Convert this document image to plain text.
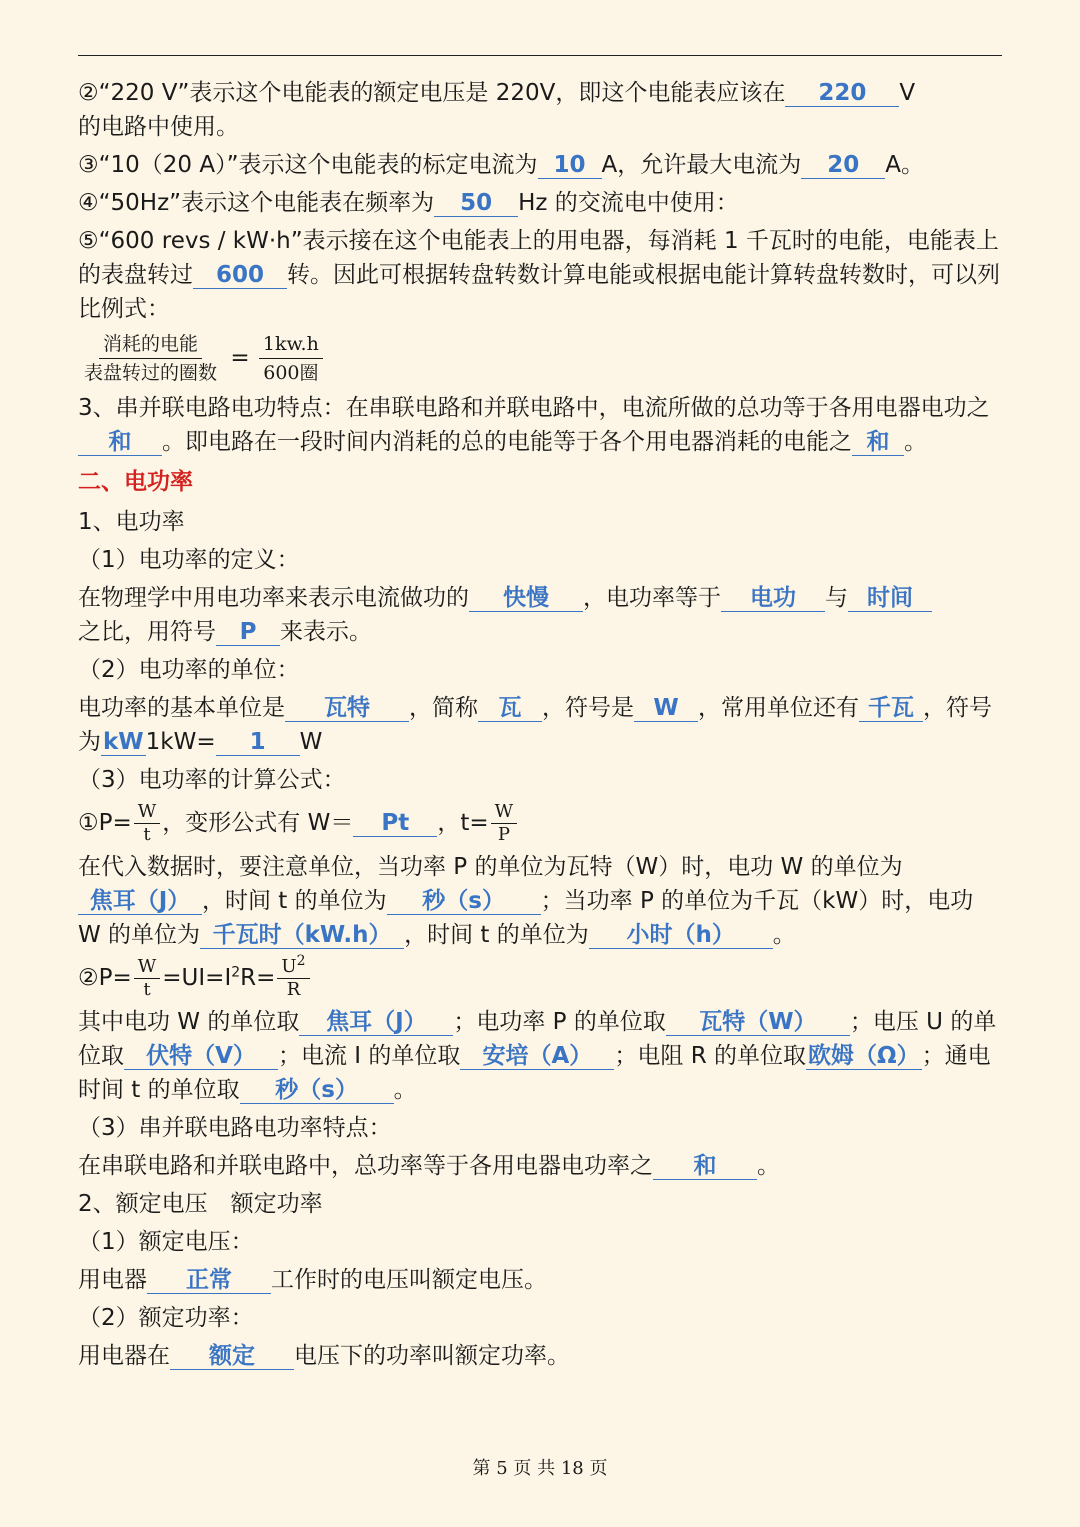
②“220 V”表示这个电能表的额定电压是 220V，即这个电能表应该在 220 V
的电路中使用。

③“10（20 A）”表示这个电能表的标定电流为 10 A，允许最大电流为 20 A。

④“50Hz”表示这个电能表在频率为 50 Hz 的交流电中使用：

⑤“600 revs / kW·h”表示接在这个电能表上的用电器，每消耗 1 千瓦时的电能，电能表上的表盘转过 600 转。因此可根据转盘转数计算电能或根据电能计算转盘转数时，可以列比例式：

$\frac{\text{消耗的电能}}{\text{表盘转过的圈数}} = \frac{1kw.h}{\text{600圈}}$

3、串并联电路电功特点：在串联电路和并联电路中，电流所做的总功等于各用电器电功之和 。即电路在一段时间内消耗的总的电能等于各个用电器消耗的电能之 和 。

二、电功率

1、电功率

（1）电功率的定义：

在物理学中用电功率来表示电流做功的 快慢 ，电功率等于 电功 与 时间
之比，用符号 P 来表示。

（2）电功率的单位：

电功率的基本单位是 瓦特 ，简称 瓦 ，符号是 W ，常用单位还有 千瓦 ，符号为kW1kW= 1 W

（3）电功率的计算公式：

①P= $\frac{W}{t}$ ，变形公式有 W＝ Pt ，$t= \frac{W}{P}$

在代入数据时，要注意单位，当功率 P 的单位为瓦特（W）时，电功 W 的单位为焦耳（J） ，时间 t 的单位为 秒（s） ；当功率 P 的单位为千瓦（kW）时，电功 W 的单位为 千瓦时（kW.h） ，时间 t 的单位为 小时（h） 。

②P= $\frac{W}{t} =UI=I^2R= \frac{U^2}{R}$

其中电功 W 的单位取 焦耳（J） ；电功率 P 的单位取 瓦特（W） ；电压 U 的单位取 伏特（V） ；电流 I 的单位取 安培（A） ；电阻 R 的单位取欧姆（Ω）；通电时间 t 的单位取 秒（s） 。

（3）串并联电路电功率特点：

在串联电路和并联电路中，总功率等于各用电器电功率之 和 。

2、额定电压　额定功率

（1）额定电压：

用电器 正常 工作时的电压叫额定电压。

（2）额定功率：

用电器在 额定 电压下的功率叫额定功率。

第 5 页 共 18 页
